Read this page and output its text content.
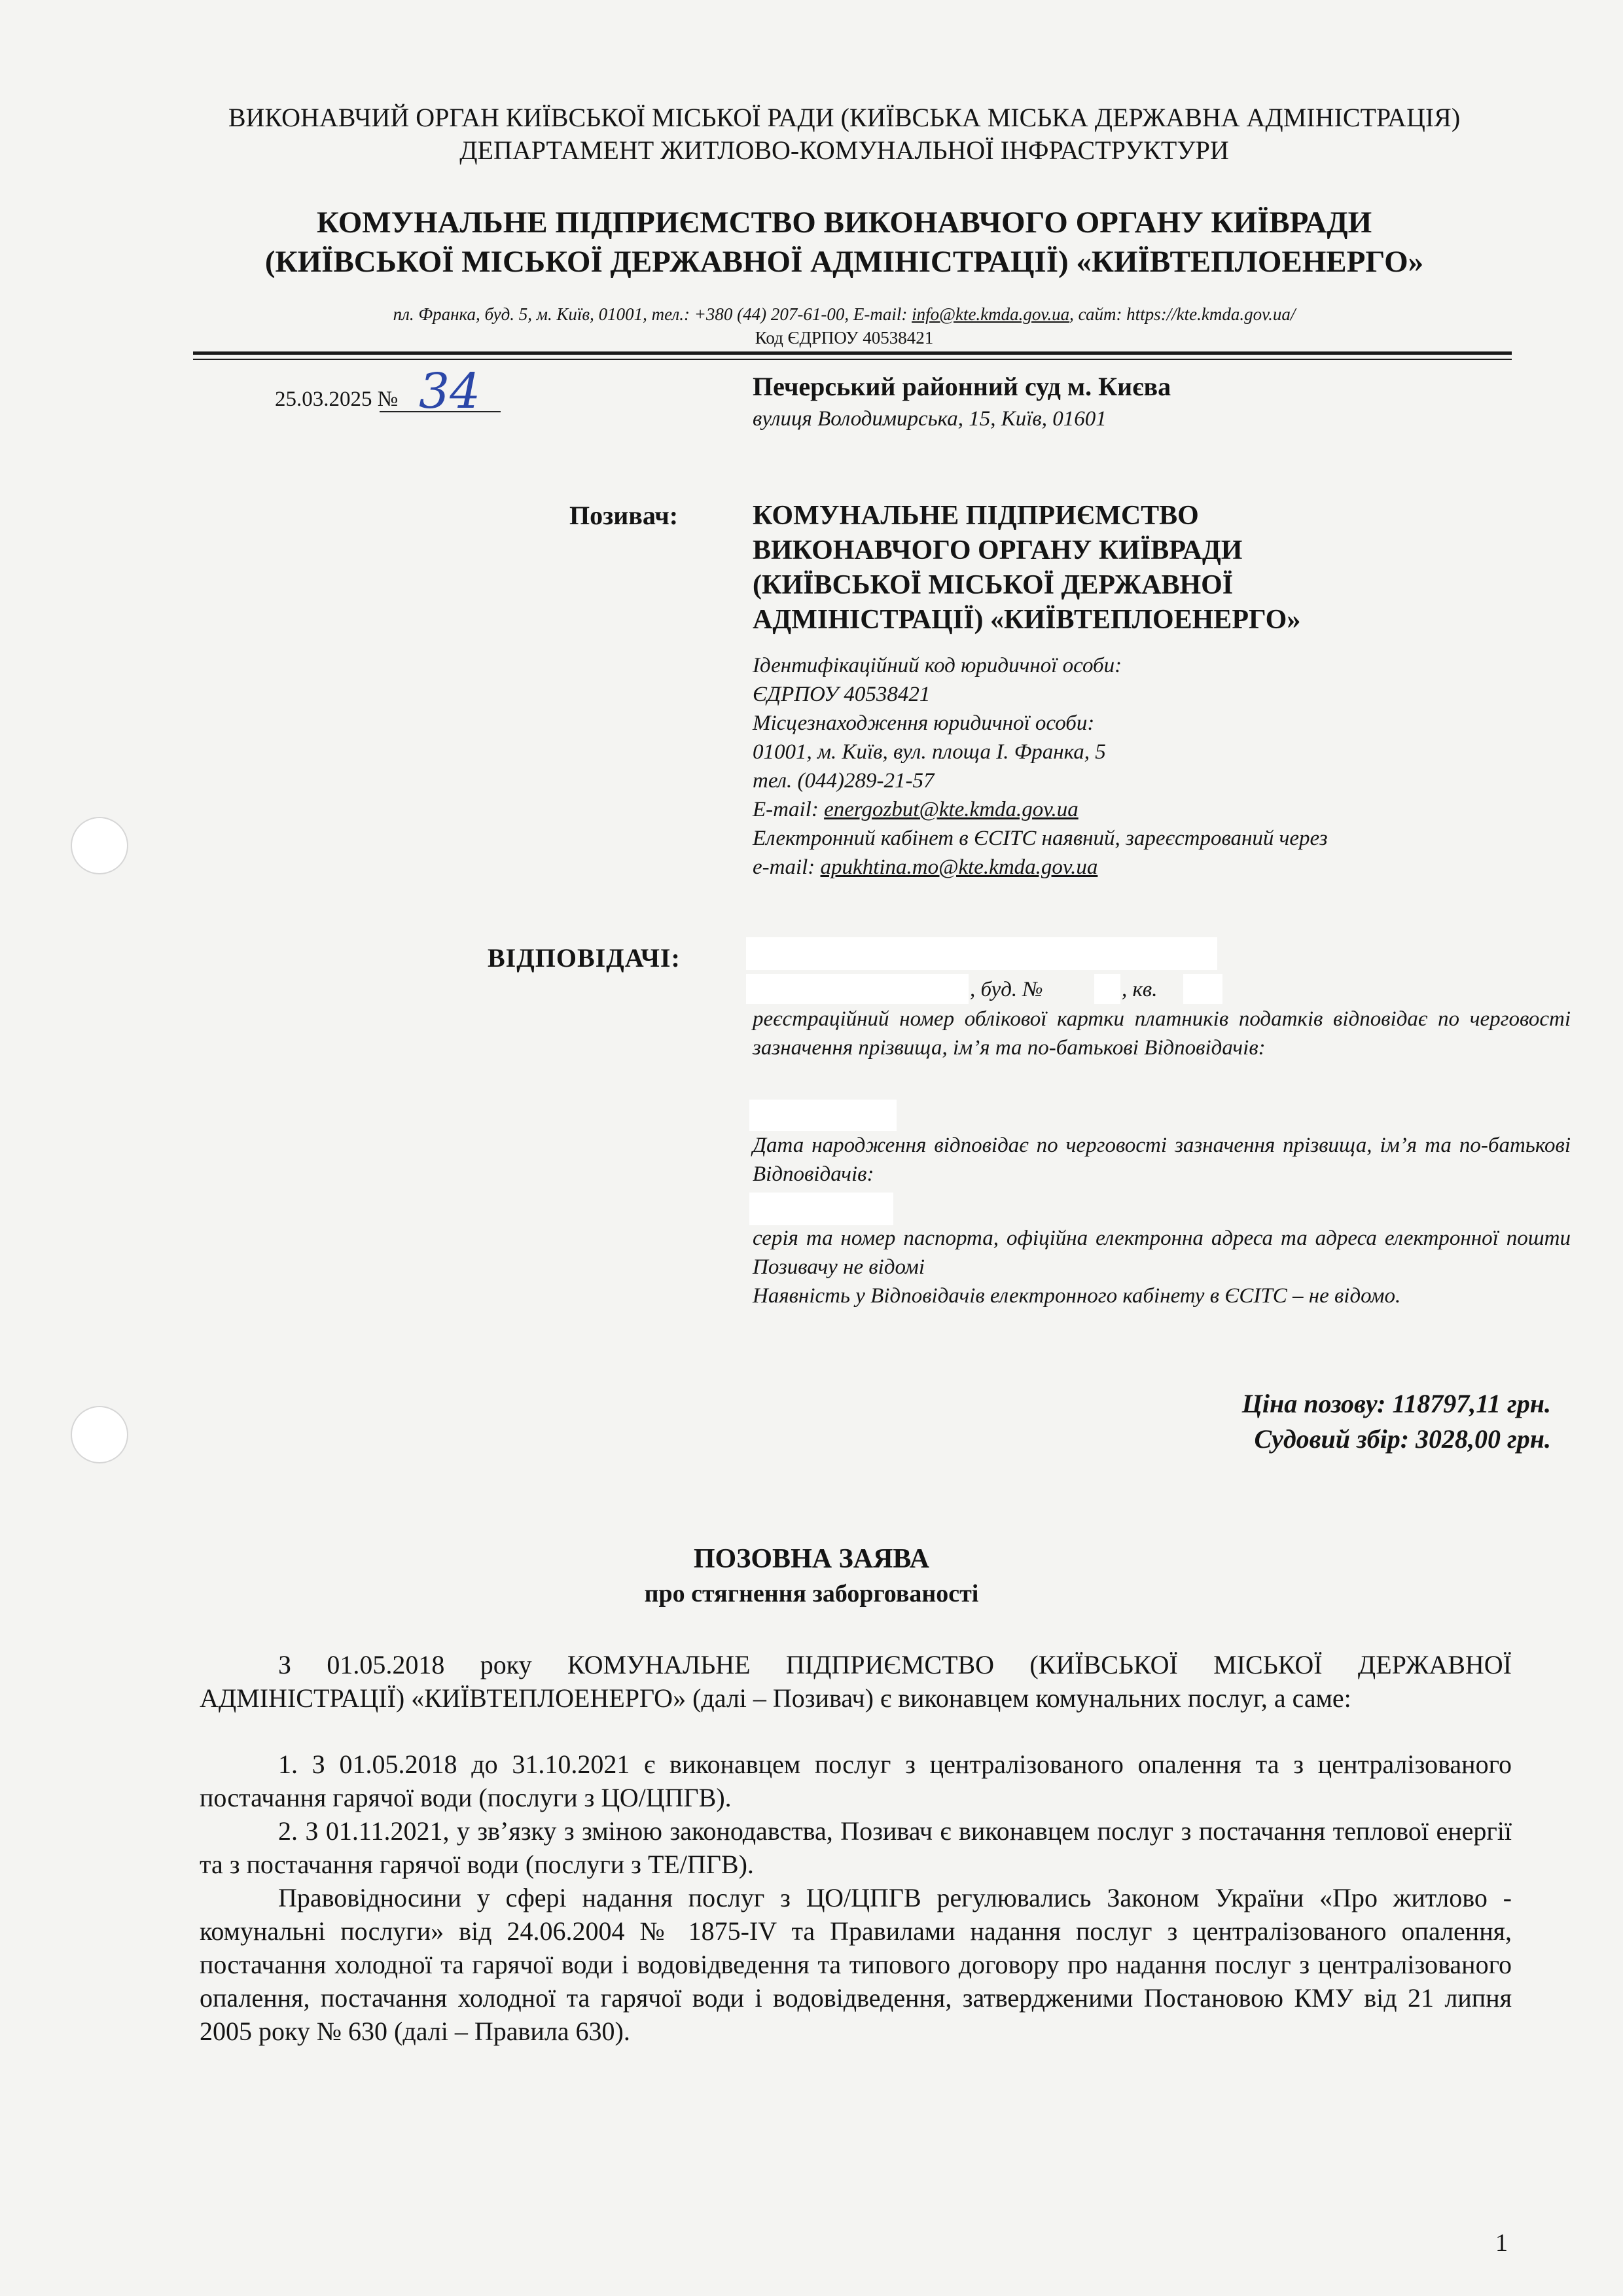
ВИКОНАВЧИЙ ОРГАН КИЇВСЬКОЇ МІСЬКОЇ РАДИ (КИЇВСЬКА МІСЬКА ДЕРЖАВНА АДМІНІСТРАЦІЯ)
ДЕПАРТАМЕНТ ЖИТЛОВО-КОМУНАЛЬНОЇ ІНФРАСТРУКТУРИ
КОМУНАЛЬНЕ ПІДПРИЄМСТВО ВИКОНАВЧОГО ОРГАНУ КИЇВРАДИ
(КИЇВСЬКОЇ МІСЬКОЇ ДЕРЖАВНОЇ АДМІНІСТРАЦІЇ) «КИЇВТЕПЛОЕНЕРГО»
пл. Франка, буд. 5, м. Київ, 01001, тел.: +380 (44) 207-61-00, E-mail: info@kte.kmda.gov.ua, сайт: https://kte.kmda.gov.ua/
Код ЄДРПОУ 40538421
25.03.2025 № 34	Печерський районний суд м. Києва
вулиця Володимирська, 15, Київ, 01601
Позивач:	КОМУНАЛЬНЕ ПІДПРИЄМСТВО
ВИКОНАВЧОГО ОРГАНУ КИЇВРАДИ
(КИЇВСЬКОЇ МІСЬКОЇ ДЕРЖАВНОЇ
АДМІНІСТРАЦІЇ) «КИЇВТЕПЛОЕНЕРГО»
Ідентифікаційний код юридичної особи:
ЄДРПОУ 40538421
Місцезнаходження юридичної особи:
01001, м. Київ, вул. площа І. Франка, 5
тел. (044)289-21-57
E-mail: energozbut@kte.kmda.gov.ua
Електронний кабінет в ЄСІТС наявний, зареєстрований через
e-mail: apukhtina.mo@kte.kmda.gov.ua
ВІДПОВІДАЧІ:
, буд. №	, кв.
реєстраційний номер облікової картки платників податків відповідає по черговості зазначення прізвища, ім’я та по-батькові Відповідачів:
Дата народження відповідає по черговості зазначення прізвища, ім’я та по-батькові Відповідачів:
серія та номер паспорта, офіційна електронна адреса та адреса електронної пошти Позивачу не відомі
Наявність у Відповідачів електронного кабінету в ЄСІТС – не відомо.
Ціна позову: 118797,11 грн.
Судовий збір: 3028,00 грн.
ПОЗОВНА ЗАЯВА
про стягнення заборгованості
З 01.05.2018 року КОМУНАЛЬНЕ ПІДПРИЄМСТВО (КИЇВСЬКОЇ МІСЬКОЇ ДЕРЖАВНОЇ АДМІНІСТРАЦІЇ) «КИЇВТЕПЛОЕНЕРГО» (далі – Позивач) є виконавцем комунальних послуг, а саме:
1. З 01.05.2018 до 31.10.2021 є виконавцем послуг з централізованого опалення та з централізованого постачання гарячої води (послуги з ЦО/ЦПГВ).
2. З 01.11.2021, у зв’язку з зміною законодавства, Позивач є виконавцем послуг з постачання теплової енергії та з постачання гарячої води (послуги з ТЕ/ПГВ).
Правовідносини у сфері надання послуг з ЦО/ЦПГВ регулювались Законом України «Про житлово - комунальні послуги» від 24.06.2004 № 1875-IV та Правилами надання послуг з централізованого опалення, постачання холодної та гарячої води і водовідведення та типового договору про надання послуг з централізованого опалення, постачання холодної та гарячої води і водовідведення, затвердженими Постановою КМУ від 21 липня 2005 року № 630 (далі – Правила 630).
1
